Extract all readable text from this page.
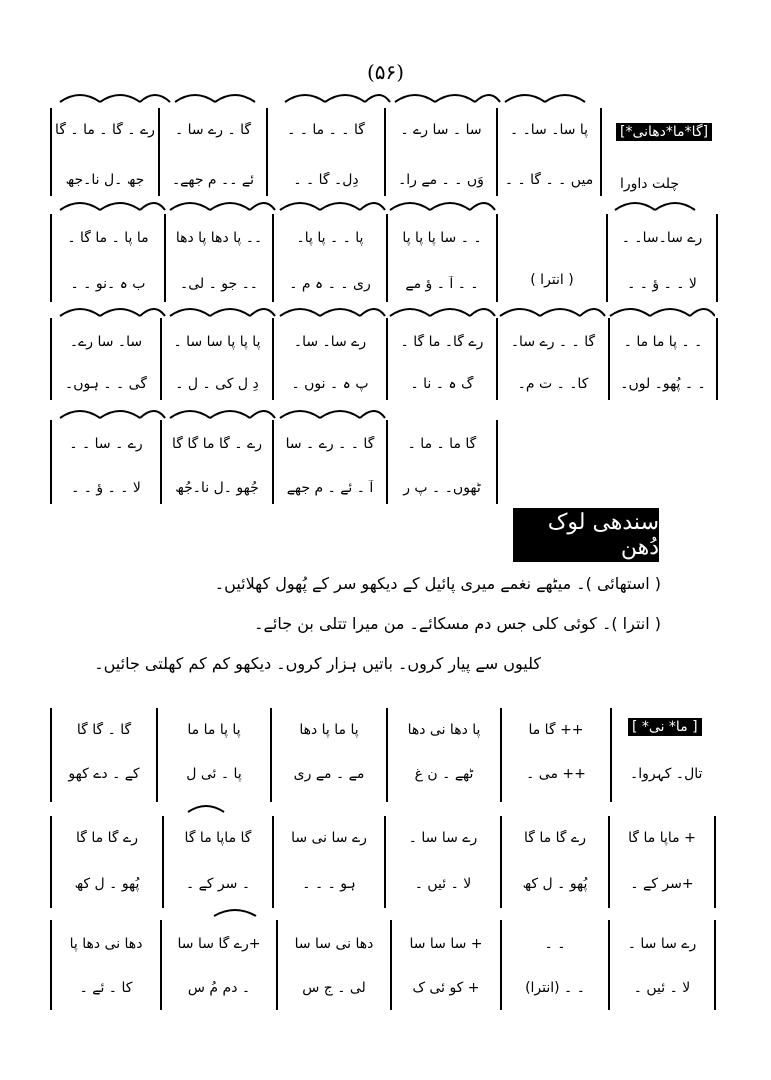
(۵۶)
[گا*ما*دھانی*]
چلت داورا
پا سا۔ سا۔ ۔
سا ۔ سا رے ۔
گا ۔ ۔ ما ۔ ۔
گا ۔ رے سا ۔
رے ۔ گا ۔ ما ۔ گا
میں ۔ ۔ گا ۔ ۔
وَں ۔ ۔ مے را۔
دِل۔ گا ۔ ۔
ئے ۔۔ م جھے۔
جھ ۔ل نا۔جھ
رے سا۔سا۔ ۔
۔ ۔ سا پا پا پا
پا ۔ ۔ پا پا۔
۔۔ پا دھا پا دھا
ما پا ۔ ما گا ۔
لا ۔ ۔ ؤ ۔ ۔
( انترا )
۔ ۔ آ ۔ ؤ مے
ری ۔ ۔ ہ م ۔
۔۔ جو ۔ لی۔
ب ہ ۔نو ۔ ۔
۔ ۔ پا ما ما ۔
گا ۔ ۔ رے سا۔
رے گا۔ ما گا ۔
رے سا۔ سا۔
پا پا پا سا سا ۔
سا۔ سا رے۔
۔ ۔ پُھو۔ لوں۔
کا۔ ۔ ت م۔
گ ہ ۔ نا ۔
پ ہ ۔ نوں ۔
دِ ل کی ۔ ل ۔
گی ۔ ۔ ہوں۔
گا ما ۔ ما ۔
گا ۔ ۔ رے ۔ سا
رے ۔ گا ما گا گا
رے ۔ سا ۔ ۔
ٹھوں۔ ۔ پ ر
آ ۔ ئے ۔ م جھے
جُھو ۔ل نا۔جُھ
لا ۔ ۔ ؤ ۔ ۔
سندھی لوک دُھن
( استھائی )۔ میٹھے نغمے میری پائیل کے دیکھو سر کے پُھول کھلائیں۔
( انترا )۔ کوئی کلی جس دم مسکائے۔ من میرا تتلی بن جائے۔
کلیوں سے پیار کروں۔ باتیں ہزار کروں۔ دیکھو کم کم کھلتی جائیں۔
[ ما* نی* ]
تال۔ کہروا۔
++ گا ما
پا دھا نی دھا
پا ما پا دھا
پا پا ما ما
گا ۔ گا گا
++ می ۔
ٹھے ۔ ن غ
مے ۔ مے ری
پا ۔ ئی ل
کے ۔ دے کھو
+ ماپا ما گا
رے گا ما گا
رے سا سا ۔
رے سا نی سا
گا ماپا ما گا
رے گا ما گا
+سر کے ۔
پُھو ۔ ل کھ
لا ۔ ئیں ۔
ہو ۔ ۔ ۔
۔ سر کے ۔
پُھو ۔ ل کھ
رے سا سا ۔
۔ ۔
+ سا سا سا
دھا نی سا سا
+رے گا سا سا
دھا نی دھا پا
لا ۔ ئیں ۔
۔ ۔ (انترا)
+ کو ئی ک
لی ۔ ج س
۔ دم مُ س
کا ۔ ئے ۔
